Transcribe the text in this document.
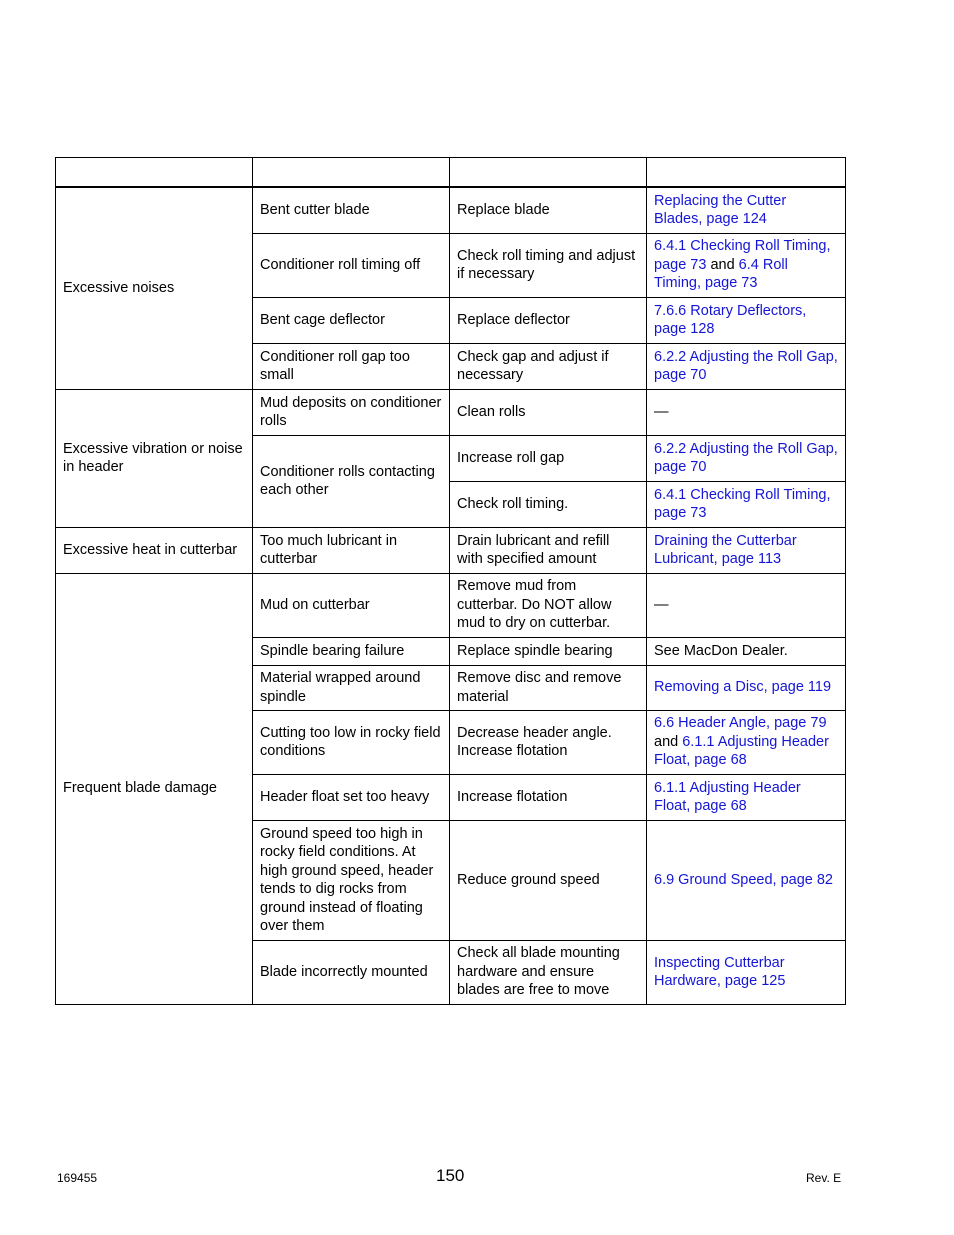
Excessive noises	Bent cutter blade	Replace blade	Replacing the Cutter Blades, page 124
	Conditioner roll timing off	Check roll timing and adjust if necessary	6.4.1 Checking Roll Timing, page 73 and 6.4 Roll Timing, page 73
	Bent cage deflector	Replace deflector	7.6.6 Rotary Deflectors, page 128
	Conditioner roll gap too small	Check gap and adjust if necessary	6.2.2 Adjusting the Roll Gap, page 70
Excessive vibration or noise in header	Mud deposits on conditioner rolls	Clean rolls	—
	Conditioner rolls contacting each other	Increase roll gap	6.2.2 Adjusting the Roll Gap, page 70
		Check roll timing.	6.4.1 Checking Roll Timing, page 73
Excessive heat in cutterbar	Too much lubricant in cutterbar	Drain lubricant and refill with specified amount	Draining the Cutterbar Lubricant, page 113
Frequent blade damage	Mud on cutterbar	Remove mud from cutterbar. Do NOT allow mud to dry on cutterbar.	—
	Spindle bearing failure	Replace spindle bearing	See MacDon Dealer.
	Material wrapped around spindle	Remove disc and remove material	Removing a Disc, page 119
	Cutting too low in rocky field conditions	Decrease header angle. Increase flotation	6.6 Header Angle, page 79 and 6.1.1 Adjusting Header Float, page 68
	Header float set too heavy	Increase flotation	6.1.1 Adjusting Header Float, page 68
	Ground speed too high in rocky field conditions. At high ground speed, header tends to dig rocks from ground instead of floating over them	Reduce ground speed	6.9 Ground Speed, page 82
	Blade incorrectly mounted	Check all blade mounting hardware and ensure blades are free to move	Inspecting Cutterbar Hardware, page 125
169455	150	Rev. E
